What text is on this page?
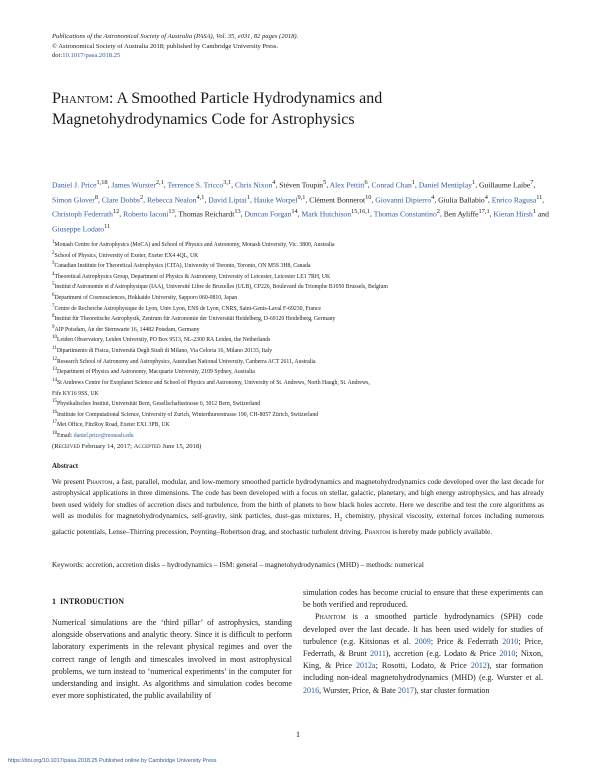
Publications of the Astronomical Society of Australia (PASA), Vol. 35, e031, 82 pages (2018).
© Astronomical Society of Australia 2018; published by Cambridge University Press.
doi:10.1017/pasa.2018.25
Phantom: A Smoothed Particle Hydrodynamics and
Magnetohydrodynamics Code for Astrophysics
Daniel J. Price$^{1,18}$, James Wurster$^{2,1}$, Terrence S. Tricco$^{3,1}$, Chris Nixon$^4$, Stéven Toupin$^5$, Alex Pettitt$^6$, Conrad Chan$^1$, Daniel Mentiplay$^1$, Guillaume Laibe$^7$, Simon Glover$^8$, Clare Dobbs$^2$, Rebecca Nealon$^{4,1}$, David Liptai$^1$, Hauke Worpel$^{9,1}$, Clément Bonnerot$^{10}$, Giovanni Dipierro$^4$, Giulia Ballabio$^4$, Enrico Ragusa$^{11}$, Christoph Federrath$^{12}$, Roberto Iaconi$^{13}$, Thomas Reichardt$^{13}$, Duncan Forgan$^{14}$, Mark Hutchison$^{15,16,1}$, Thomas Constantino$^2$, Ben Ayliffe$^{17,1}$, Kieran Hirsh$^1$ and Giuseppe Lodato$^{11}$
$^1$Monash Centre for Astrophysics (MoCA) and School of Physics and Astronomy, Monash University, Vic. 3800, Australia
$^2$School of Physics, University of Exeter, Exeter EX4 4QL, UK
$^3$Canadian Institute for Theoretical Astrophysics (CITA), University of Toronto, Toronto, ON M5S 3H8, Canada
$^4$Theoretical Astrophysics Group, Department of Physics & Astronomy, University of Leicester, Leicester LE1 7RH, UK
$^5$Institut d'Astronomie et d'Astrophysique (IAA), Université Libre de Bruxelles (ULB), CP226, Boulevard du Triomphe B1050 Brussels, Belgium
$^6$Department of Cosmosciences, Hokkaido University, Sapporo 060-0810, Japan
$^7$Centre de Recherche Astrophysique de Lyon, Univ Lyon, ENS de Lyon, CNRS, Saint-Genis-Laval F-69230, France
$^8$Institut für Theoretische Astrophysik, Zentrum für Astronomie der Universität Heidelberg, D-69120 Heidelberg, Germany
$^9$AIP Potsdam, An der Sternwarte 16, 14482 Potsdam, Germany
$^{10}$Leiden Observatory, Leiden University, PO Box 9513, NL-2300 RA Leiden, the Netherlands
$^{11}$Dipartimento di Fisica, Università Degli Studi di Milano, Via Celoria 16, Milano 20133, Italy
$^{12}$Research School of Astronomy and Astrophysics, Australian National University, Canberra ACT 2611, Australia
$^{13}$Department of Physics and Astronomy, Macquarie University, 2109 Sydney, Australia
$^{14}$St Andrews Centre for Exoplanet Science and School of Physics and Astronomy, University of St. Andrews, North Haugh, St. Andrews,
Fife KY16 9SS, UK
$^{15}$Physikalisches Institut, Universität Bern, Gesellschaftsstrasse 6, 3012 Bern, Switzerland
$^{16}$Institute for Computational Science, University of Zurich, Winterthurerstrasse 190, CH-8057 Zürich, Switzerland
$^{17}$Met Office, FitzRoy Road, Exeter EX1 3PB, UK
$^{18}$Email: daniel.price@monash.edu
(Received February 14, 2017; Accepted June 15, 2018)
Abstract
We present Phantom, a fast, parallel, modular, and low-memory smoothed particle hydrodynamics and magnetohydrodynamics code developed over the last decade for astrophysical applications in three dimensions. The code has been developed with a focus on stellar, galactic, planetary, and high energy astrophysics, and has already been used widely for studies of accretion discs and turbulence, from the birth of planets to how black holes accrete. Here we describe and test the core algorithms as well as modules for magnetohydrodynamics, self-gravity, sink particles, dust–gas mixtures, $H_2$ chemistry, physical viscosity, external forces including numerous galactic potentials, Lense–Thirring precession, Poynting–Robertson drag, and stochastic turbulent driving. Phantom is hereby made publicly available.
Keywords: accretion, accretion disks – hydrodynamics – ISM: general – magnetohydrodynamics (MHD) – methods: numerical
1 INTRODUCTION

Numerical simulations are the ‘third pillar’ of astrophysics, standing alongside observations and analytic theory. Since it is difficult to perform laboratory experiments in the relevant physical regimes and over the correct range of length and timescales involved in most astrophysical problems, we turn instead to ‘numerical experiments’ in the computer for understanding and insight. As algorithms and simulation codes become ever more sophisticated, the public availability of

simulation codes has become crucial to ensure that these experiments can be both verified and reproduced.

Phantom is a smoothed particle hydrodynamics (SPH) code developed over the last decade. It has been used widely for studies of turbulence (e.g. Kitsionas et al. 2009; Price & Federrath 2010; Price, Federrath, & Brunt 2011), accretion (e.g. Lodato & Price 2010; Nixon, King, & Price 2012a; Rosotti, Lodato, & Price 2012), star formation including non-ideal magnetohydrodynamics (MHD) (e.g. Wurster et al. 2016, Wurster, Price, & Bate 2017), star cluster formation

1
https://doi.org/10.1017/pasa.2018.25 Published online by Cambridge University Press
